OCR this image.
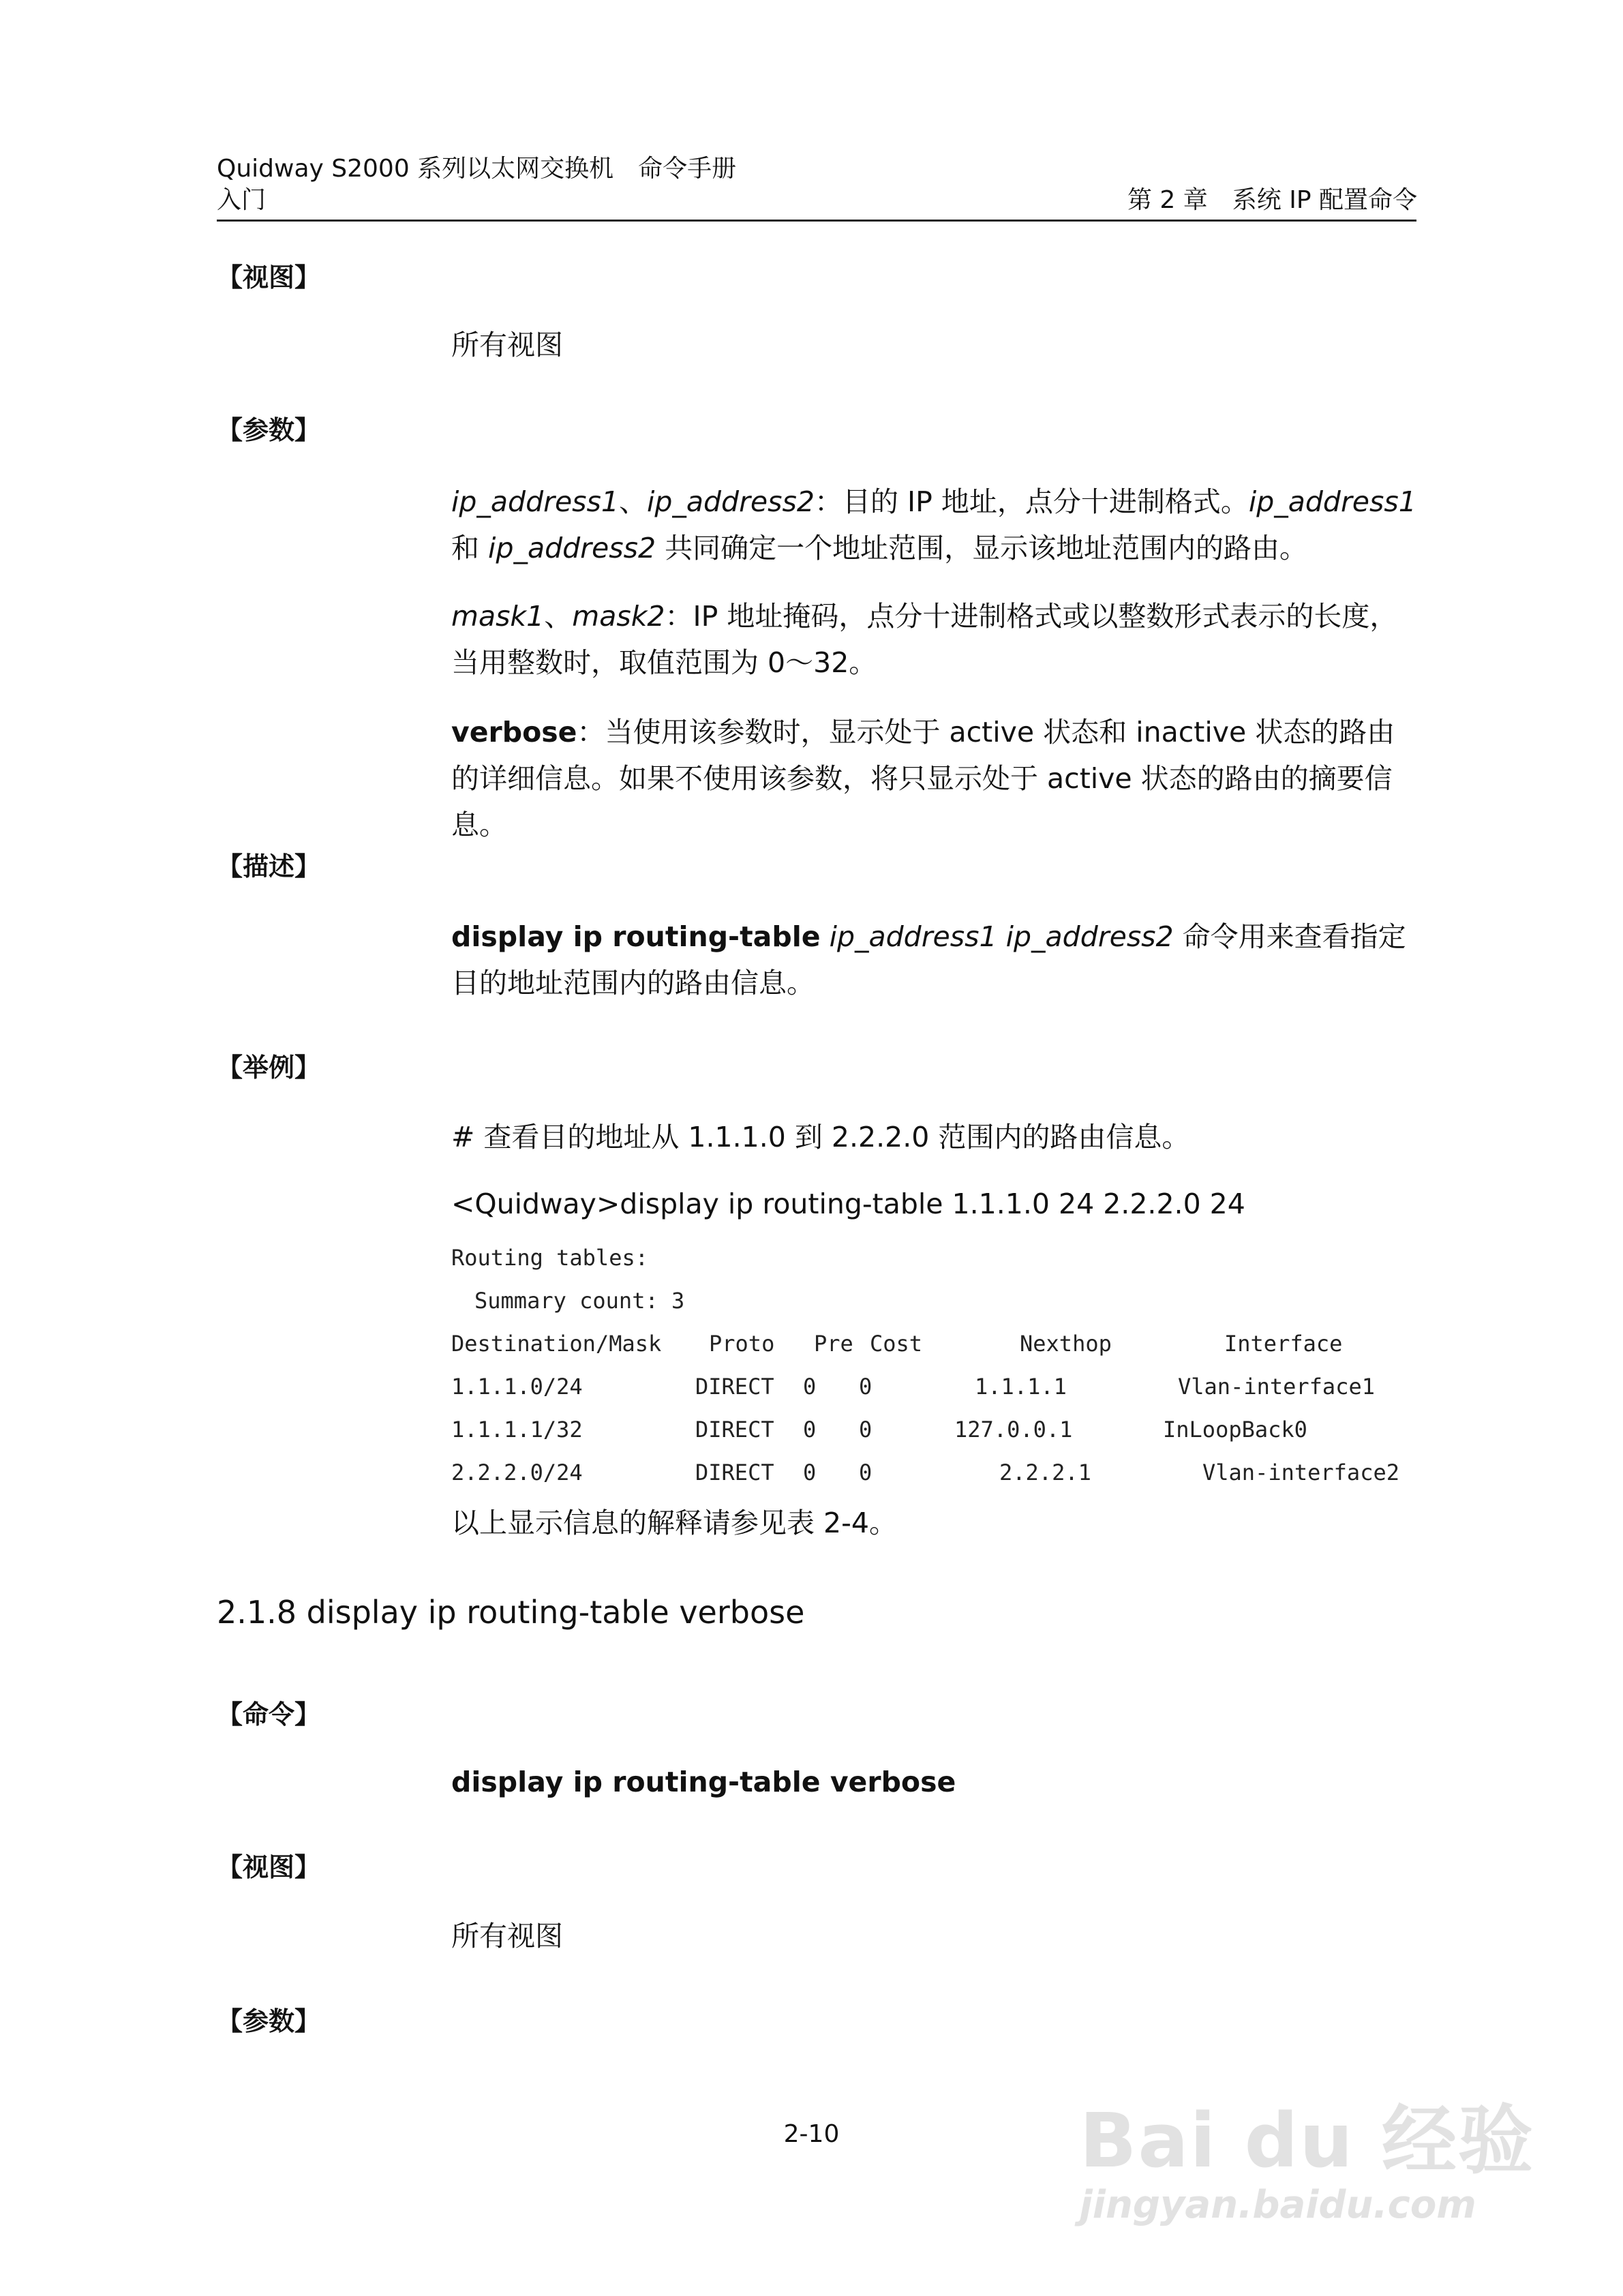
Quidway S2000 系列以太网交换机　命令手册
入门	第 2 章　系统 IP 配置命令
【视图】
所有视图
【参数】
ip_address1、ip_address2：目的 IP 地址，点分十进制格式。ip_address1
和 ip_address2 共同确定一个地址范围，显示该地址范围内的路由。
mask1、mask2：IP 地址掩码，点分十进制格式或以整数形式表示的长度，当用整数时，取值范围为 0～32。
verbose：当使用该参数时，显示处于 active 状态和 inactive 状态的路由的详细信息。如果不使用该参数，将只显示处于 active 状态的路由的摘要信息。
【描述】
display ip routing-table ip_address1 ip_address2 命令用来查看指定目的地址范围内的路由信息。
【举例】
# 查看目的地址从 1.1.1.0 到 2.2.2.0 范围内的路由信息。
<Quidway>display ip routing-table 1.1.1.0 24 2.2.2.0 24
Routing tables:
Summary count: 3
Destination/Mask Proto Pre Cost	Nexthop	Interface
1.1.1.0/24	DIRECT 0 0	1.1.1.1	Vlan-interface1
1.1.1.1/32	DIRECT 0 0	127.0.0.1	InLoopBack0
2.2.2.0/24	DIRECT 0 0	2.2.2.1	Vlan-interface2
以上显示信息的解释请参见表 2-4。
2.1.8 display ip routing-table verbose
【命令】
display ip routing-table verbose
【视图】
所有视图
【参数】
2-10	Bai du 经验
jingyan.baidu.com
